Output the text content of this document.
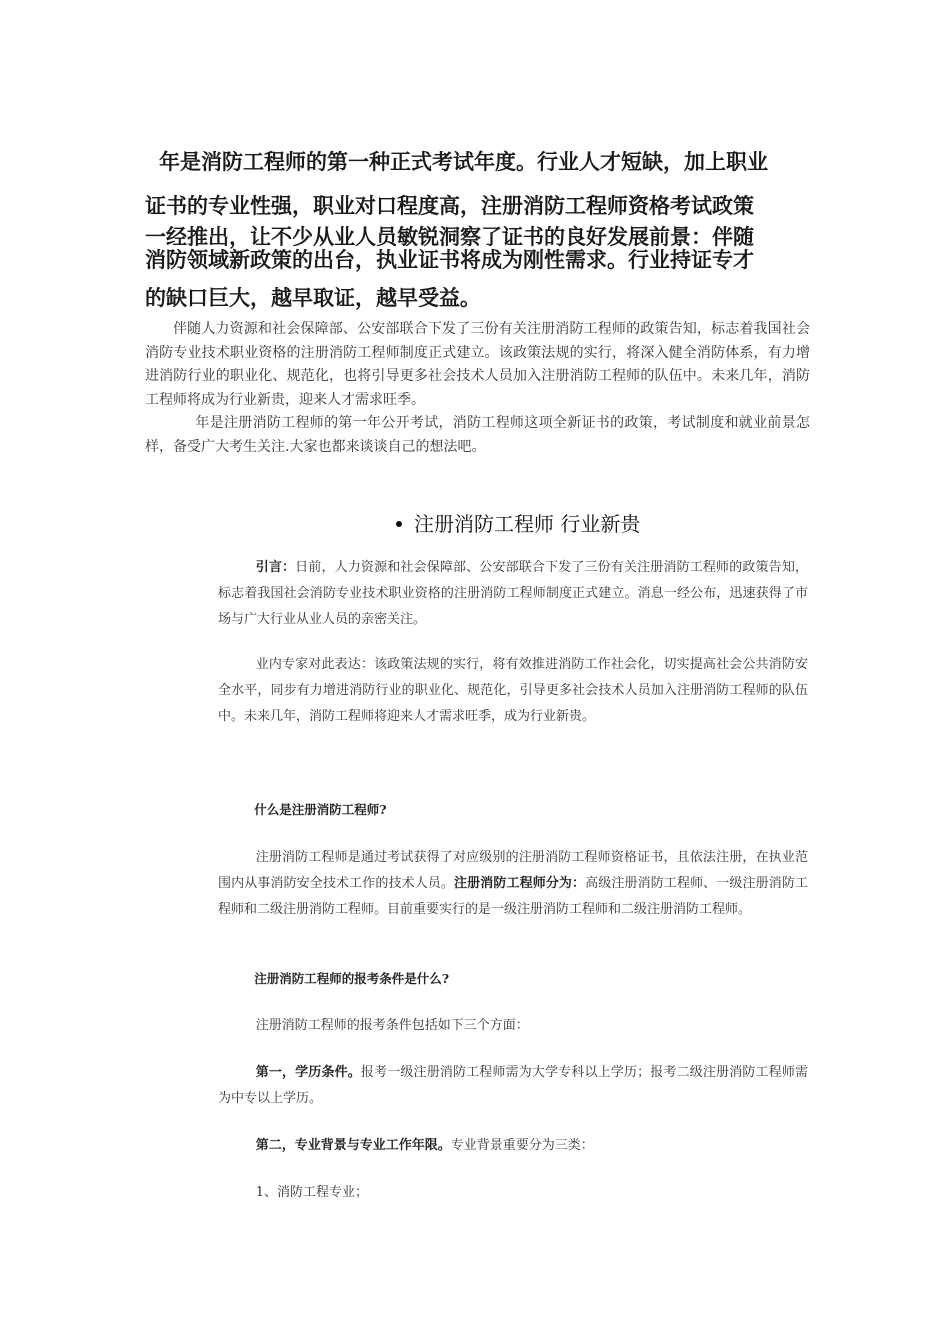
年是消防工程师的第一种正式考试年度。行业人才短缺，加上职业
证书的专业性强，职业对口程度高，注册消防工程师资格考试政策
一经推出，让不少从业人员敏锐洞察了证书的良好发展前景：伴随
消防领域新政策的出台，执业证书将成为刚性需求。行业持证专才
的缺口巨大，越早取证，越早受益。

伴随人力资源和社会保障部、公安部联合下发了三份有关注册消防工程师的政策告知，标志着我国社会消防专业技术职业资格的注册消防工程师制度正式建立。该政策法规的实行，将深入健全消防体系，有力增进消防行业的职业化、规范化，也将引导更多社会技术人员加入注册消防工程师的队伍中。未来几年，消防工程师将成为行业新贵，迎来人才需求旺季。

年是注册消防工程师的第一年公开考试，消防工程师这项全新证书的政策，考试制度和就业前景怎样，备受广大考生关注.大家也都来谈谈自己的想法吧。

注册消防工程师 行业新贵

引言：日前，人力资源和社会保障部、公安部联合下发了三份有关注册消防工程师的政策告知，标志着我国社会消防专业技术职业资格的注册消防工程师制度正式建立。消息一经公布，迅速获得了市场与广大行业从业人员的亲密关注。

业内专家对此表达：该政策法规的实行，将有效推进消防工作社会化，切实提高社会公共消防安全水平，同步有力增进消防行业的职业化、规范化，引导更多社会技术人员加入注册消防工程师的队伍中。未来几年，消防工程师将迎来人才需求旺季，成为行业新贵。

什么是注册消防工程师?

注册消防工程师是通过考试获得了对应级别的注册消防工程师资格证书，且依法注册，在执业范围内从事消防安全技术工作的技术人员。注册消防工程师分为：高级注册消防工程师、一级注册消防工程师和二级注册消防工程师。目前重要实行的是一级注册消防工程师和二级注册消防工程师。

注册消防工程师的报考条件是什么?

注册消防工程师的报考条件包括如下三个方面：

第一，学历条件。报考一级注册消防工程师需为大学专科以上学历；报考二级注册消防工程师需为中专以上学历。

第二，专业背景与专业工作年限。专业背景重要分为三类：

1、消防工程专业；
